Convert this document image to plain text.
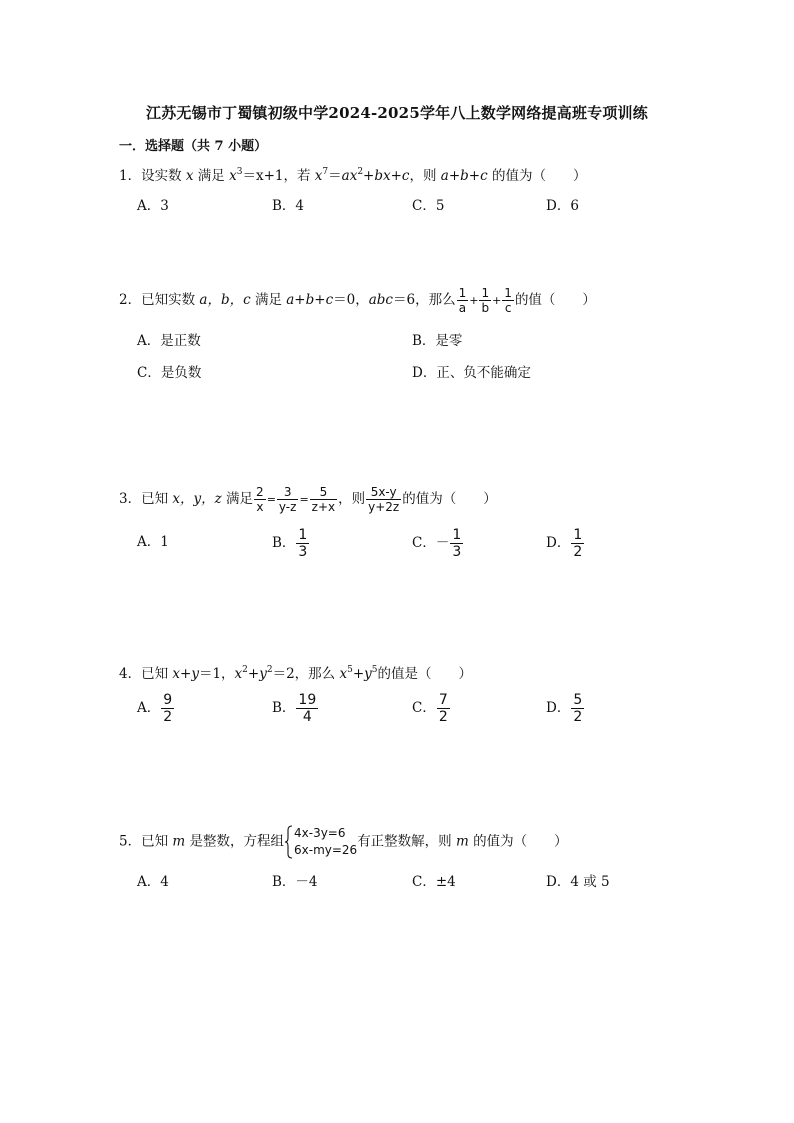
江苏无锡市丁蜀镇初级中学2024-2025学年八上数学网络提高班专项训练
一．选择题（共 7 小题）
1．设实数 x 满足 $x^3=x+1$，若 $x^7=ax^2+bx+c$，则 a+b+c 的值为（　　）
A．3	B．4	C．5	D．6
2．已知实数 a，b，c 满足 a+b+c＝0，abc＝6，那么 $\frac{1}{a} + \frac{1}{b} + \frac{1}{c}$ 的值（　　）
A．是正数	B．是零
C．是负数	D．正、负不能确定
3．已知 x，y，z 满足 $\frac{2}{x} = \frac{3}{y-z} = \frac{5}{z+x}$ ，则 $\frac{5x-y}{y+2z}$ 的值为（　　）
A．1	B． $\frac{1}{3}$	C．－ $\frac{1}{3}$	D． $\frac{1}{2}$
4．已知 x+y＝1，$x^2+y^2=2$，那么 $x^5+y^5$的值是（　　）
A． $\frac{9}{2}$	B． $\frac{19}{4}$	C． $\frac{7}{2}$	D． $\frac{5}{2}$
5．已知 m 是整数，方程组
4x-3y=6
6x-my=26
有正整数解，则 m 的值为（　　）
A．4	B．－4	C．±4	D．4 或 5
